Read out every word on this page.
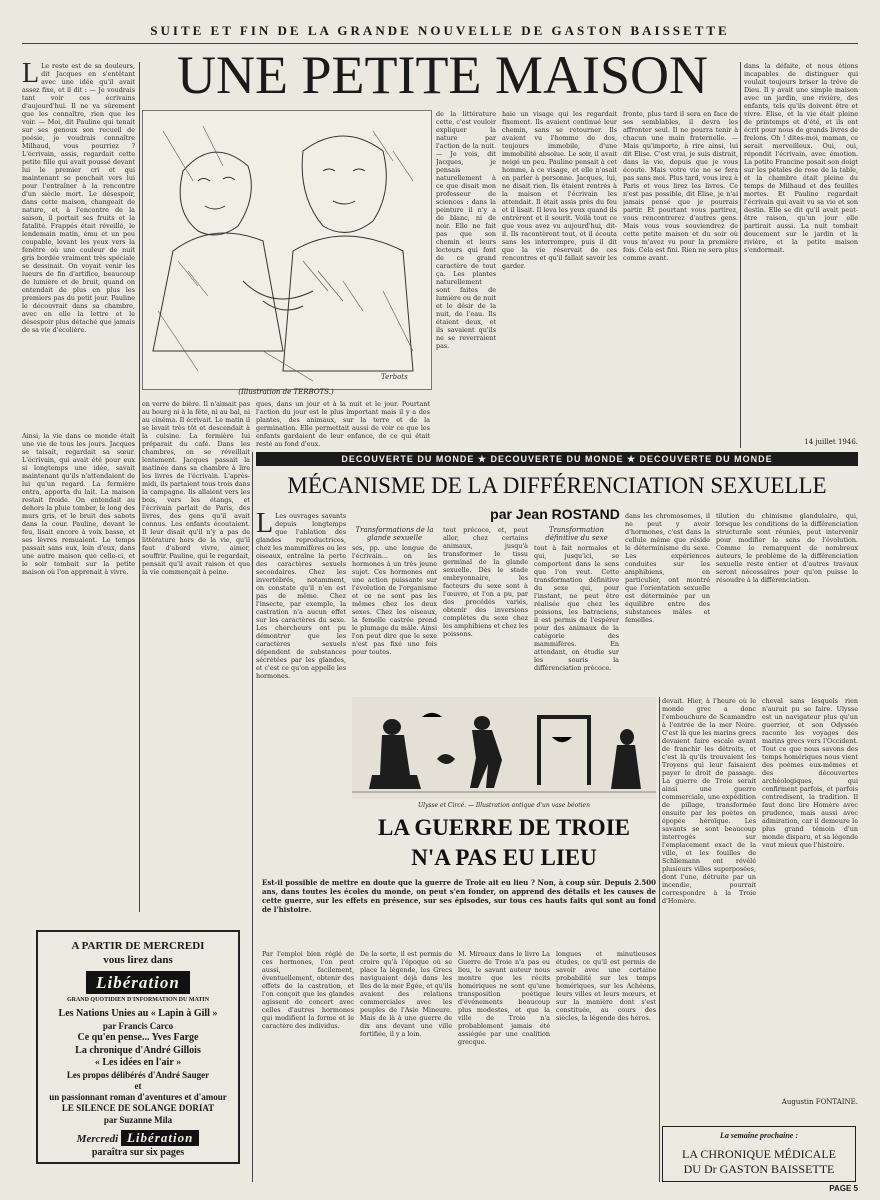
SUITE ET FIN DE LA GRANDE NOUVELLE DE GASTON BAISSETTE
UNE PETITE MAISON
L Le reste est de sa douleurs, dit Jacques en s'entêtant avec une idée qu'il avait assez fixe, et il dit : — Je voudrais tant voir ces écrivains d'aujourd'hui. Il ne va sûrement que les connaître, rien que les voir. — Moi, dit Pauline qui tenait sur ses genoux son recueil de poésie, je voudrais connaître Milhaud, vous pourriez ? L'écrivain, assis, regardait cette petite fille qui avait poussé devant lui le premier cri et qui maintenant se penchait vers lui pour l'entraîner à la rencontre d'un siècle mort. Le désespoir, dans cette maison, changeait de nature, et, à l'encontre de la saison, il portait ses fruits et la fatalité. Frappés était réveillé, le lendemain matin, ému et un peu coupable, levant les yeux vers la fenêtre où une couleur de nuit gris bordée vraiment très spéciale se dessinait. On voyait venir les lueurs de fin d'artifice, beaucoup de lumière et de bruit, quand on entendait de plus en plus les premiers pas du petit jour. Pauline le découvrait dans sa chambre, avec en elle la lettre et le désespoir plus détaché que jamais de sa vie d'écolière.
Ainsi, la vie dans ce monde était une vie de tous les jours. Jacques se taisait, regardait sa sœur. L'écrivain, qui avait été pour eux si longtemps une idée, savait maintenant qu'ils n'attendaient de lui qu'un regard. La fermière entra, apporta du lait. La maison restait froide. On entendait au dehors la pluie tomber, le long des murs gris, et le bruit des sabots dans la cour. Pauline, devant le feu, lisait encore à voix basse, et ses lèvres remuaient. Le temps passait sans eux, loin d'eux, dans une autre maison que celle-ci, et le soir tombait sur la petite maison où l'on apprenait à vivre.
Terbots
(Illustration de TERBOTS.)
en verre de bière. Il n'aimait pas au bourg ni à la fête, ni au bal, ni au cinéma. Il écrivait. Le matin il se levait très tôt et descendait à la cuisine. La fermière lui préparait du café. Dans les chambres, on se réveillait lentement. Jacques passait la matinée dans sa chambre à lire les livres de l'écrivain. L'après-midi, ils partaient tous trois dans la campagne. Ils allaient vers les bois, vers les étangs, et l'écrivain parlait de Paris, des livres, des gens qu'il avait connus. Les enfants écoutaient. Il leur disait qu'il n'y a pas de littérature hors de la vie, qu'il faut d'abord vivre, aimer, souffrir. Pauline, qui le regardait, pensait qu'il avait raison et que la vie commençait à peine.
ques, dans un jour et à la nuit et le jour. Pourtant l'action du jour est le plus important mais il y a des plantes, des animaux, sur la terre et de la germination. Elle permettait aussi de voir ce que les enfants gardaient de leur enfance, de ce qui était resté au fond d'eux.
de la littérature cette, c'est vouloir expliquer la nature par l'action de la nuit. — Je vois, dit Jacques, je pensais naturellement à ce que disait mon professeur de sciences : dans la peinture il n'y a de blanc, ni de noir. Elle ne fait pas que son chemin et leurs lecteurs qui font de ce grand caractère de tout ça. Les plantes naturellement sont faites de lumière ou de nuit et le désir de la nuit, de l'eau. Ils étaient deux, et ils savaient qu'ils ne se reverraient pas.
haie un visage qui les regardait fixement. Ils avaient continué leur chemin, sans se retourner. Ils avaient vu l'homme de dos, toujours immobile, d'une immobilité absolue. Le soir, il avait neigé un peu. Pauline pensait à cet homme, à ce visage, et elle n'osait en parler à personne. Jacques, lui, ne disait rien. Ils étaient rentrés à la maison et l'écrivain les attendait. Il était assis près du feu et il lisait. Il leva les yeux quand ils entrèrent et il sourit. Voilà tout ce que vous avez vu aujourd'hui, dit-il. Ils racontèrent tout, et il écouta sans les interrompre, puis il dit que la vie réservait de ces rencontres et qu'il fallait savoir les garder.
fronte, plus tard il sera en face de ses semblables, il devra les affronter seul. Il ne pourra tenir à chacun une main fraternelle. — Mais qu'importe, à rire ainsi, lui dit Elise. C'est vrai, je suis distrait, dans la vie, depuis que je vous écoute. Mais votre vie ne se fera pas sans moi. Plus tard, vous irez à Paris et vous lirez les livres. Ce n'est pas possible, dit Élise, je n'ai jamais pensé que je pourrais partir. Et pourtant vous partirez, vous rencontrerez d'autres gens. Mais vous vous souviendrez de cette petite maison et du soir où vous m'avez vu pour la première fois. Cela est fini. Rien ne sera plus comme avant.
dans la défaite, et nous étions incapables de distinguer qui voulait toujours briser la trêve de Dieu. Il y avait une simple maison avec un jardin, une rivière, des enfants, tels qu'ils doivent être et vivre. Elise, et la vie était pleine de printemps et d'été, et ils ont écrit pour nous de grands livres de frelons. Oh ! dites-moi, maman, ce serait merveilleux. Oui, oui, répondit l'écrivain, avec émotion. La petite Francine posait son doigt sur les pétales de rose de la table, et la chambre était pleine du temps de Milhaud et des feuilles mortes. Et Pauline regardait l'écrivain qui avait vu sa vie et son destin. Elle se dit qu'il avait peut-être raison, qu'un jour elle partirait aussi. La nuit tombait doucement sur le jardin et la rivière, et la petite maison s'endormait.
14 juillet 1946.
DECOUVERTE DU MONDE ★ DECOUVERTE DU MONDE ★ DECOUVERTE DU MONDE
MÉCANISME DE LA DIFFÉRENCIATION SEXUELLE
par Jean ROSTAND
L Les ouvrages savants depuis longtemps que l'ablation des glandes reproductrices, chez les mammifères ou les oiseaux, entraîne la perte des caractères sexuels secondaires. Chez les invertébrés, notamment, on constate qu'il n'en est pas de même. Chez l'insecte, par exemple, la castration n'a aucun effet sur les caractères du sexe. Les chercheurs ont pu démontrer que les caractères sexuels dépendent de substances sécrétées par les glandes, et c'est ce qu'on appelle les hormones.
Transformations de la glande sexuelle
ses, pp. une longue de l'écrivain... on les hormones à un très jeune sujet. Ces hormones ont une action puissante sur l'évolution de l'organisme et ce ne sont pas les mêmes chez les deux sexes. Chez les oiseaux, la femelle castrée prend le plumage du mâle. Ainsi l'on peut dire que le sexe n'est pas fixé une fois pour toutes.
tout précoce, et, peut aller, chez certains animaux, jusqu'à transformer le tissu germinal de la glande sexuelle. Dès le stade embryonnaire, les facteurs du sexe sont à l'œuvre, et l'on a pu, par des procédés variés, obtenir des inversions complètes du sexe chez les amphibiens et chez les poissons.
Transformation définitive du sexe
tout à fait normales et qui, jusqu'ici, se comportent dans le sens que l'on veut. Cette transformation définitive du sexe qui, pour l'instant, ne peut être réalisée que chez les poissons, les batraciens, il est permis de l'espérer pour des animaux de la catégorie des mammifères. En attendant, on étudie sur les souris la différenciation précoce.
dans les chromosomes, il ne peut y avoir d'hormones, c'est dans la cellule même que réside le déterminisme du sexe. Les expériences conduites sur les amphibiens, en particulier, ont montré que l'orientation sexuelle est déterminée par un équilibre entre des substances mâles et femelles.
tilution du chimisme glandulaire, qui, lorsque les conditions de la différenciation structurale sont réunies, peut intervenir pour modifier le sens de l'évolution. Comme le remarquent de nombreux auteurs, le problème de la différenciation sexuelle reste entier et d'autres travaux seront nécessaires pour qu'on puisse le résoudre à la différenciation.
Ulysse et Circé. — Illustration antique d'un vase béotien
LA GUERRE DE TROIE
N'A PAS EU LIEU
Est-il possible de mettre en doute que la guerre de Troie ait eu lieu ? Non, à coup sûr. Depuis 2.500 ans, dans toutes les écoles du monde, on peut s'en fonder, on apprend des détails et les causes de cette guerre, sur les effets en présence, sur ses épisodes, sur tous ces hauts faits qui sont au fond de l'histoire.
Par l'emploi bien réglé de ces hormones, l'on peut aussi, facilement, éventuellement, obtenir des effets de la castration, et l'on conçoit que les glandes agissent de concert avec celles d'autres hormones qui modifient la forme et le caractère des individus.
De la sorte, il est permis de croire qu'à l'époque où se place la légende, les Grecs naviguaient déjà dans les îles de la mer Égée, et qu'ils avaient des relations commerciales avec les peuples de l'Asie Mineure. Mais de là à une guerre de dix ans devant une ville fortifiée, il y a loin.
M. Mireaux dans le livre La Guerre de Troie n'a pas eu lieu, le savant auteur nous montre que les récits homériques ne sont qu'une transposition poétique d'événements beaucoup plus modestes, et que la ville de Troie n'a probablement jamais été assiégée par une coalition grecque.
longues et minutieuses études, ce qu'il est permis de savoir avec une certaine probabilité sur les temps homériques, sur les Achéens, leurs villes et leurs mœurs, et sur la manière dont s'est constituée, au cours des siècles, la légende des héros.
devait. Hier, à l'heure où le monde grec a donc l'embouchure de Scamandre à l'entrée de la mer Noire. C'est là que les marins grecs devaient faire escale avant de franchir les détroits, et c'est là qu'ils trouvaient les Troyens qui leur faisaient payer le droit de passage. La guerre de Troie serait ainsi une guerre commerciale, une expédition de pillage, transformée ensuite par les poètes en épopée héroïque. Les savants se sont beaucoup interrogés sur l'emplacement exact de la ville, et les fouilles de Schliemann ont révélé plusieurs villes superposées, dont l'une, détruite par un incendie, pourrait correspondre à la Troie d'Homère.
cheval sans lesquels rien n'aurait pu se faire. Ulysse est un navigateur plus qu'un guerrier, et son Odyssée raconte les voyages des marins grecs vers l'Occident. Tout ce que nous savons des temps homériques nous vient des poèmes eux-mêmes et des découvertes archéologiques, qui confirment parfois, et parfois contredisent, la tradition. Il faut donc lire Homère avec prudence, mais aussi avec admiration, car il demeure le plus grand témoin d'un monde disparu, et sa légende vaut mieux que l'histoire.
Augustin FONTAINE.
La semaine prochaine :
LA CHRONIQUE MÉDICALE
DU Dr GASTON BAISSETTE
PAGE 5
A PARTIR DE MERCREDI
vous lirez dans
Libération
GRAND QUOTIDIEN D'INFORMATION DU MATIN
Les Nations Unies au « Lapin à Gill »
par Francis Carco
Ce qu'en pense... Yves Farge
La chronique d'André Gillois
« Les idées en l'air »
Les propos délibérés d'André Sauger
et
un passionnant roman d'aventures et d'amour
LE SILENCE DE SOLANGE DORIAT
par Suzanne Mila
Mercredi Libération
paraîtra sur six pages
